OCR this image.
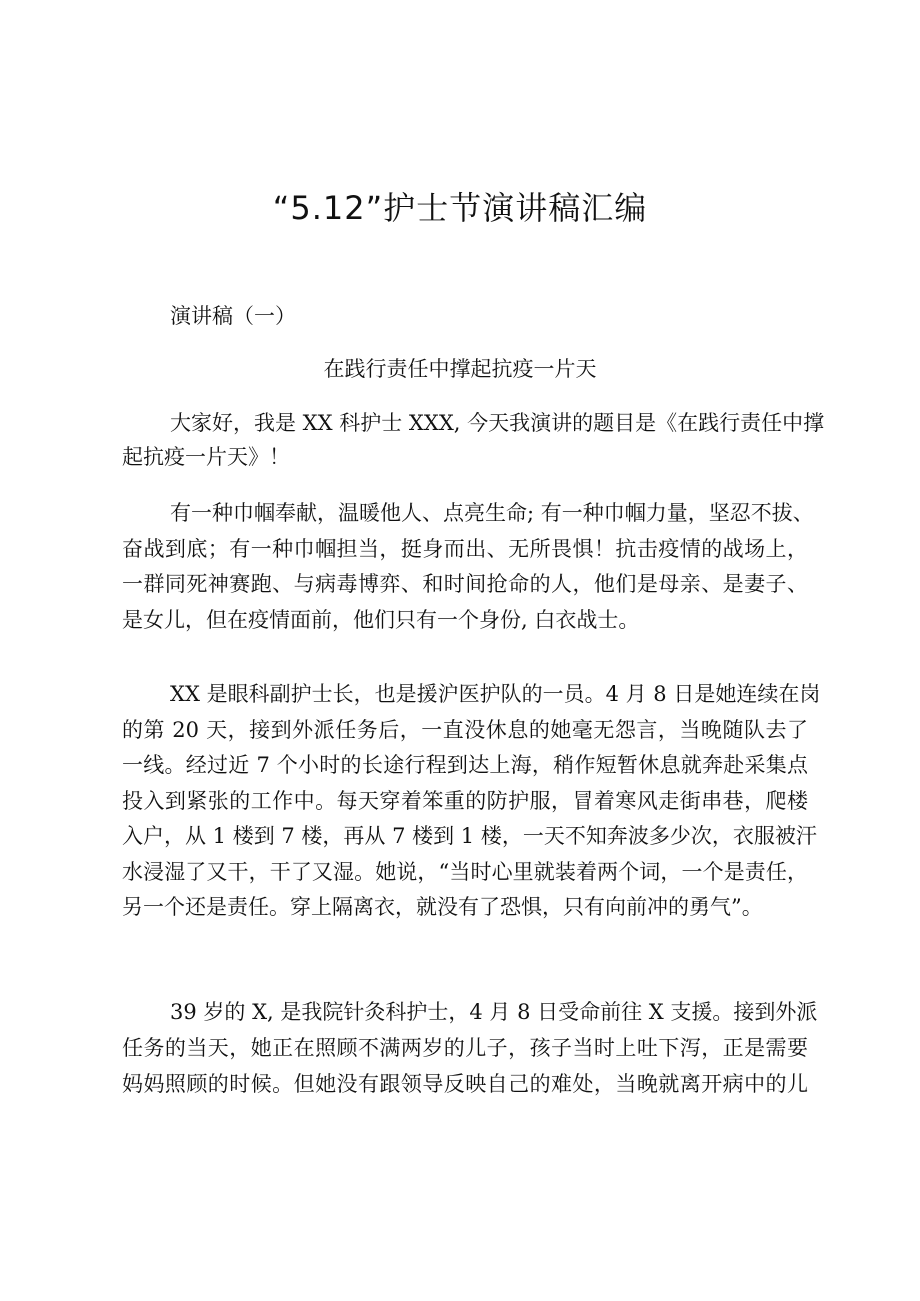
“5.12”护士节演讲稿汇编

演讲稿（一）

在践行责任中撑起抗疫一片天

大家好，我是 XX 科护士 XXX, 今天我演讲的题目是《在践行责任中撑
起抗疫一片天》！
有一种巾帼奉献，温暖他人、点亮生命; 有一种巾帼力量，坚忍不拔、
奋战到底；有一种巾帼担当，挺身而出、无所畏惧！抗击疫情的战场上，
一群同死神赛跑、与病毒博弈、和时间抢命的人，他们是母亲、是妻子、
是女儿，但在疫情面前，他们只有一个身份, 白衣战士。
XX 是眼科副护士长，也是援沪医护队的一员。4 月 8 日是她连续在岗
的第 20 天，接到外派任务后，一直没休息的她毫无怨言，当晚随队去了
一线。经过近 7 个小时的长途行程到达上海，稍作短暂休息就奔赴采集点
投入到紧张的工作中。每天穿着笨重的防护服，冒着寒风走街串巷，爬楼
入户，从 1 楼到 7 楼，再从 7 楼到 1 楼，一天不知奔波多少次，衣服被汗
水浸湿了又干，干了又湿。她说，“当时心里就装着两个词，一个是责任，
另一个还是责任。穿上隔离衣，就没有了恐惧，只有向前冲的勇气”。
39 岁的 X, 是我院针灸科护士，4 月 8 日受命前往 X 支援。接到外派
任务的当天，她正在照顾不满两岁的儿子，孩子当时上吐下泻，正是需要
妈妈照顾的时候。但她没有跟领导反映自己的难处，当晚就离开病中的儿
